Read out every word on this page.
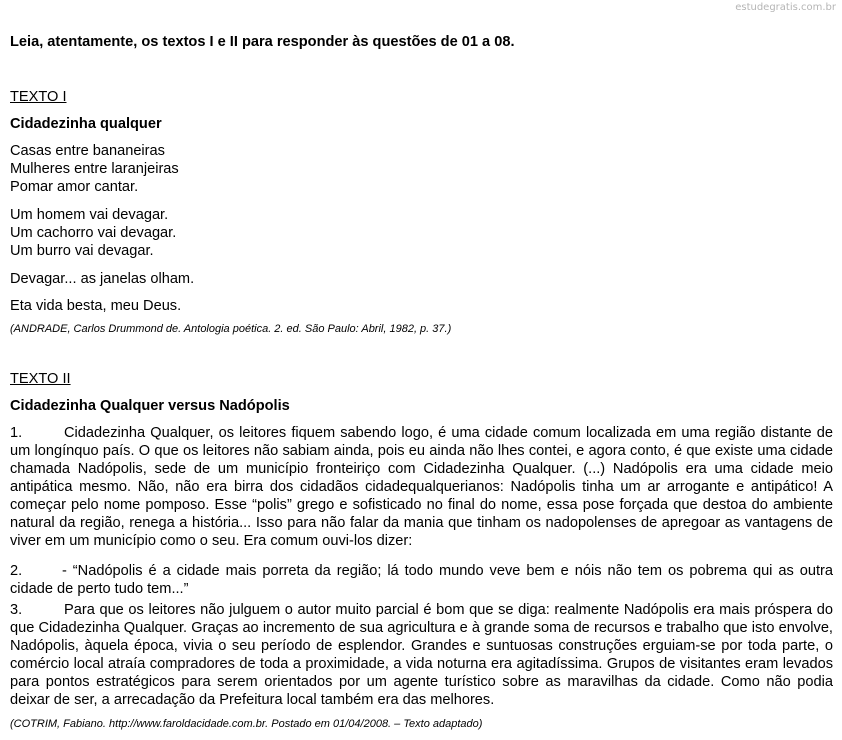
estudegratis.com.br
Leia, atentamente, os textos I e II para responder às questões de 01 a 08.
TEXTO I
Cidadezinha qualquer
Casas entre bananeiras
Mulheres entre laranjeiras
Pomar amor cantar.
Um homem vai devagar.
Um cachorro vai devagar.
Um burro vai devagar.
Devagar... as janelas olham.
Eta vida besta, meu Deus.
(ANDRADE, Carlos Drummond de. Antologia poética. 2. ed. São Paulo: Abril, 1982, p. 37.)
TEXTO II
Cidadezinha Qualquer versus Nadópolis
1.	Cidadezinha Qualquer, os leitores fiquem sabendo logo, é uma cidade comum localizada em uma região distante de um longínquo país. O que os leitores não sabiam ainda, pois eu ainda não lhes contei, e agora conto, é que existe uma cidade chamada Nadópolis, sede de um município fronteiriço com Cidadezinha Qualquer. (...) Nadópolis era uma cidade meio antipática mesmo. Não, não era birra dos cidadãos cidadequalquerianos: Nadópolis tinha um ar arrogante e antipático! A começar pelo nome pomposo. Esse “polis” grego e sofisticado no final do nome, essa pose forçada que destoa do ambiente natural da região, renega a história... Isso para não falar da mania que tinham os nadopolenses de apregoar as vantagens de viver em um município como o seu. Era comum ouvi-los dizer:
2.	- “Nadópolis é a cidade mais porreta da região; lá todo mundo veve bem e nóis não tem os pobrema qui as outra cidade de perto tudo tem...”
3.	Para que os leitores não julguem o autor muito parcial é bom que se diga: realmente Nadópolis era mais próspera do que Cidadezinha Qualquer. Graças ao incremento de sua agricultura e à grande soma de recursos e trabalho que isto envolve, Nadópolis, àquela época, vivia o seu período de esplendor. Grandes e suntuosas construções erguiam-se por toda parte, o comércio local atraía compradores de toda a proximidade, a vida noturna era agitadíssima. Grupos de visitantes eram levados para pontos estratégicos para serem orientados por um agente turístico sobre as maravilhas da cidade. Como não podia deixar de ser, a arrecadação da Prefeitura local também era das melhores.
(COTRIM, Fabiano. http://www.faroldacidade.com.br. Postado em 01/04/2008. – Texto adaptado)
